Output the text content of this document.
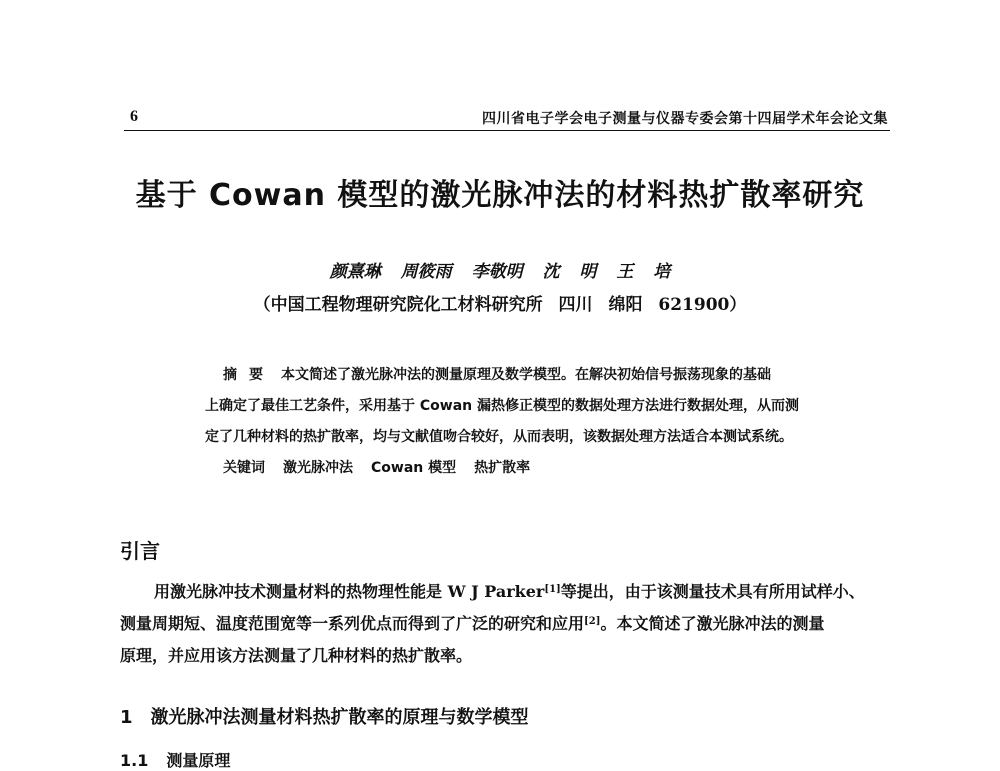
6	四川省电子学会电子测量与仪器专委会第十四届学术年会论文集
基于 Cowan 模型的激光脉冲法的材料热扩散率研究
颜熹琳 周筱雨 李敬明 沈 明 王 培
（中国工程物理研究院化工材料研究所 四川 绵阳 621900）
摘要 本文简述了激光脉冲法的测量原理及数学模型。在解决初始信号振荡现象的基础
上确定了最佳工艺条件，采用基于 Cowan 漏热修正模型的数据处理方法进行数据处理，从而测
定了几种材料的热扩散率，均与文献值吻合较好，从而表明，该数据处理方法适合本测试系统。
关键词 激光脉冲法 Cowan 模型 热扩散率
引言
用激光脉冲技术测量材料的热物理性能是 W J Parker[1]等提出，由于该测量技术具有所用试样小、
测量周期短、温度范围宽等一系列优点而得到了广泛的研究和应用[2]。本文简述了激光脉冲法的测量
原理，并应用该方法测量了几种材料的热扩散率。
1 激光脉冲法测量材料热扩散率的原理与数学模型
1.1 测量原理
